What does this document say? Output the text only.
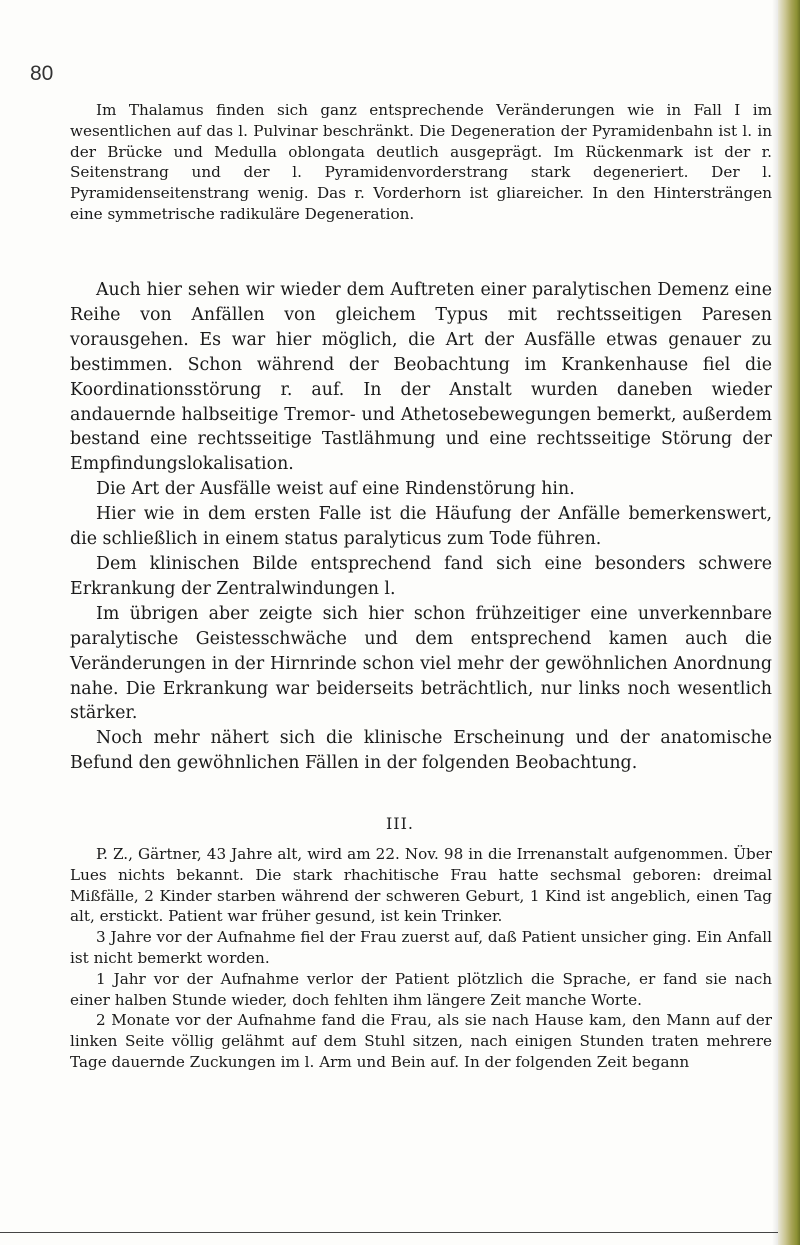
80

Im Thalamus finden sich ganz entsprechende Veränderungen wie in Fall I im wesentlichen auf das l. Pulvinar beschränkt. Die Degeneration der Pyramidenbahn ist l. in der Brücke und Medulla oblongata deutlich ausgeprägt. Im Rückenmark ist der r. Seitenstrang und der l. Pyramidenvorderstrang stark degeneriert. Der l. Pyramidenseitenstrang wenig. Das r. Vorderhorn ist gliareicher. In den Hintersträngen eine symmetrische radikuläre Degeneration.

Auch hier sehen wir wieder dem Auftreten einer paralytischen Demenz eine Reihe von Anfällen von gleichem Typus mit rechtsseitigen Paresen vorausgehen. Es war hier möglich, die Art der Ausfälle etwas genauer zu bestimmen. Schon während der Beobachtung im Krankenhause fiel die Koordinationsstörung r. auf. In der Anstalt wurden daneben wieder andauernde halbseitige Tremor- und Athetosebewegungen bemerkt, außerdem bestand eine rechtsseitige Tastlähmung und eine rechtsseitige Störung der Empfindungslokalisation.

Die Art der Ausfälle weist auf eine Rindenstörung hin.

Hier wie in dem ersten Falle ist die Häufung der Anfälle bemerkenswert, die schließlich in einem status paralyticus zum Tode führen.

Dem klinischen Bilde entsprechend fand sich eine besonders schwere Erkrankung der Zentralwindungen l.

Im übrigen aber zeigte sich hier schon frühzeitiger eine unverkennbare paralytische Geistesschwäche und dem entsprechend kamen auch die Veränderungen in der Hirnrinde schon viel mehr der gewöhnlichen Anordnung nahe. Die Erkrankung war beiderseits beträchtlich, nur links noch wesentlich stärker.

Noch mehr nähert sich die klinische Erscheinung und der anatomische Befund den gewöhnlichen Fällen in der folgenden Beobachtung.

III.

P. Z., Gärtner, 43 Jahre alt, wird am 22. Nov. 98 in die Irrenanstalt aufgenommen. Über Lues nichts bekannt. Die stark rhachitische Frau hatte sechsmal geboren: dreimal Mißfälle, 2 Kinder starben während der schweren Geburt, 1 Kind ist angeblich, einen Tag alt, erstickt. Patient war früher gesund, ist kein Trinker.

3 Jahre vor der Aufnahme fiel der Frau zuerst auf, daß Patient unsicher ging. Ein Anfall ist nicht bemerkt worden.

1 Jahr vor der Aufnahme verlor der Patient plötzlich die Sprache, er fand sie nach einer halben Stunde wieder, doch fehlten ihm längere Zeit manche Worte.

2 Monate vor der Aufnahme fand die Frau, als sie nach Hause kam, den Mann auf der linken Seite völlig gelähmt auf dem Stuhl sitzen, nach einigen Stunden traten mehrere Tage dauernde Zuckungen im l. Arm und Bein auf. In der folgenden Zeit begann
